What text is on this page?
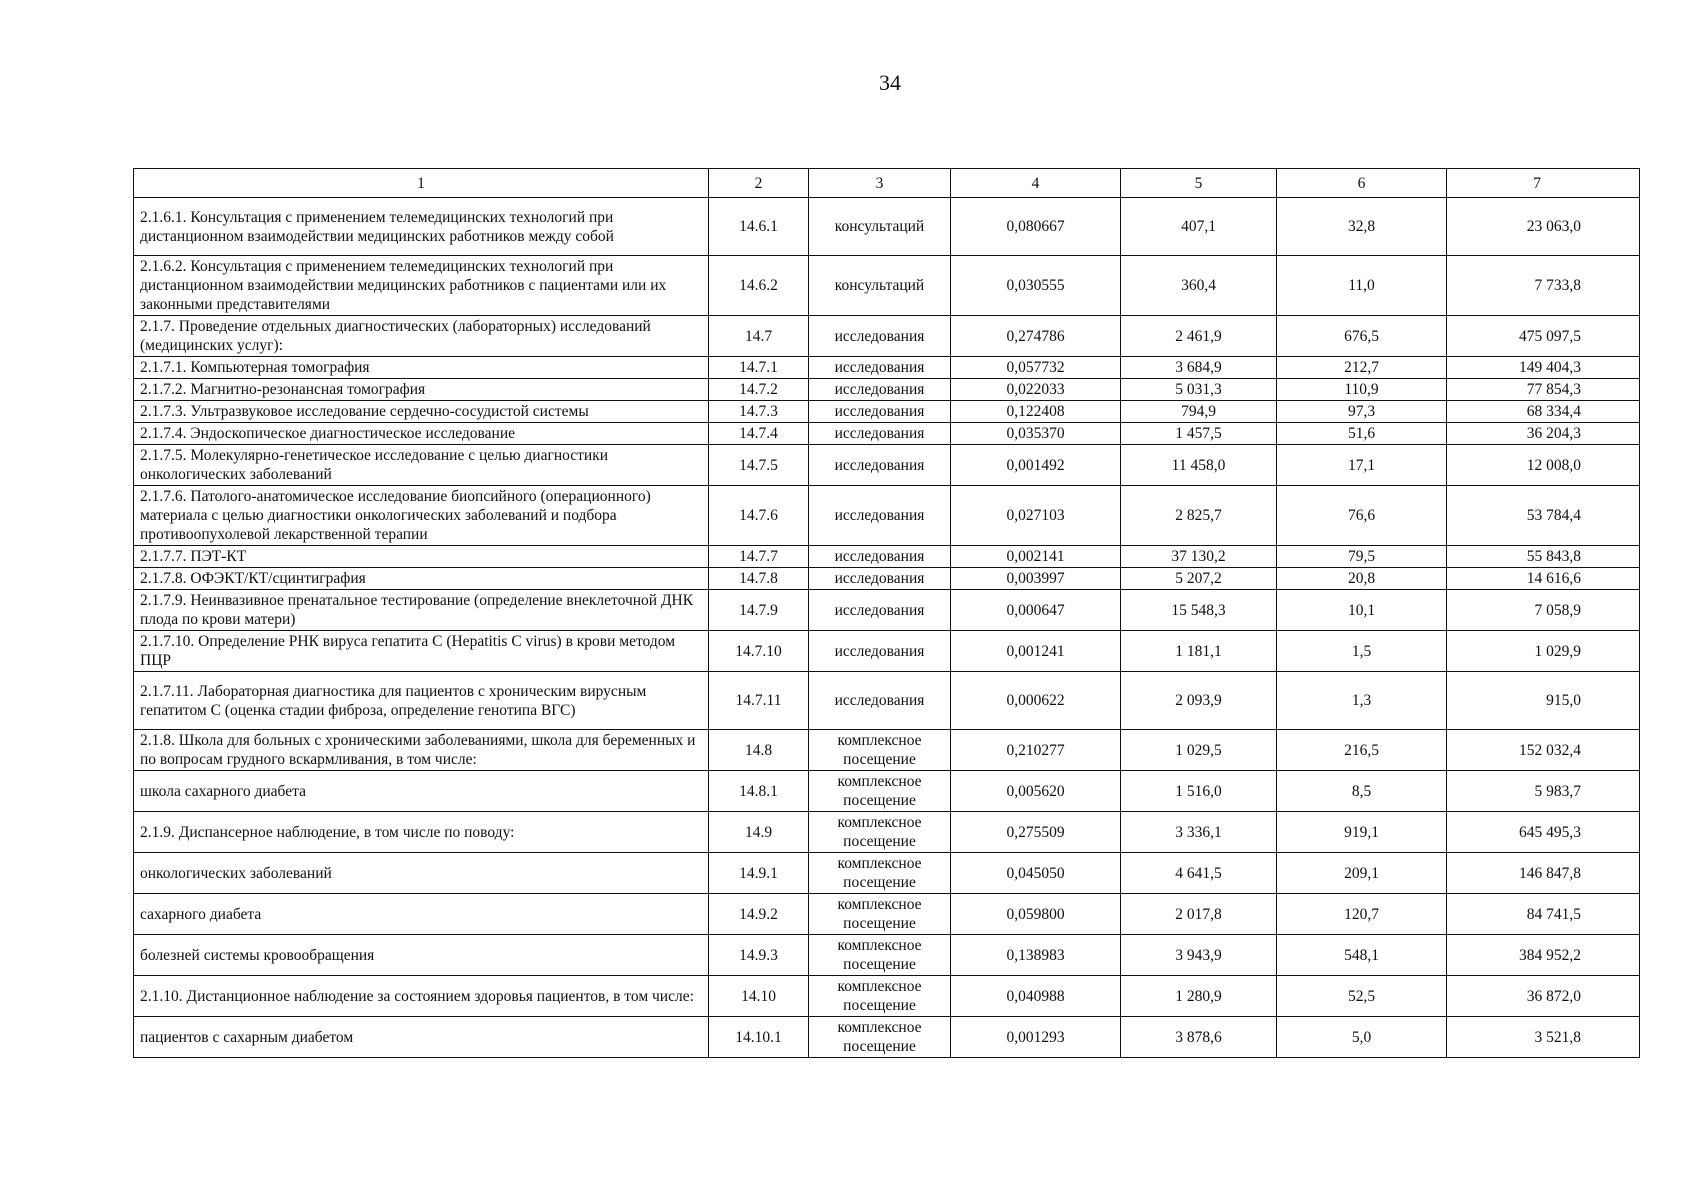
34
1	2	3	4	5	6	7
2.1.6.1. Консультация с применением телемедицинских технологий при дистанционном взаимодействии медицинских работников между собой	14.6.1	консультаций	0,080667	407,1	32,8	23 063,0
2.1.6.2. Консультация с применением телемедицинских технологий при дистанционном взаимодействии медицинских работников с пациентами или их законными представителями	14.6.2	консультаций	0,030555	360,4	11,0	7 733,8
2.1.7. Проведение отдельных диагностических (лабораторных) исследований (медицинских услуг):	14.7	исследования	0,274786	2 461,9	676,5	475 097,5
2.1.7.1. Компьютерная томография	14.7.1	исследования	0,057732	3 684,9	212,7	149 404,3
2.1.7.2. Магнитно-резонансная томография	14.7.2	исследования	0,022033	5 031,3	110,9	77 854,3
2.1.7.3. Ультразвуковое исследование сердечно-сосудистой системы	14.7.3	исследования	0,122408	794,9	97,3	68 334,4
2.1.7.4. Эндоскопическое диагностическое исследование	14.7.4	исследования	0,035370	1 457,5	51,6	36 204,3
2.1.7.5. Молекулярно-генетическое исследование с целью диагностики онкологических заболеваний	14.7.5	исследования	0,001492	11 458,0	17,1	12 008,0
2.1.7.6. Патолого-анатомическое исследование биопсийного (операционного) материала с целью диагностики онкологических заболеваний и подбора противоопухолевой лекарственной терапии	14.7.6	исследования	0,027103	2 825,7	76,6	53 784,4
2.1.7.7. ПЭТ-КТ	14.7.7	исследования	0,002141	37 130,2	79,5	55 843,8
2.1.7.8. ОФЭКТ/КТ/сцинтиграфия	14.7.8	исследования	0,003997	5 207,2	20,8	14 616,6
2.1.7.9. Неинвазивное пренатальное тестирование (определение внеклеточной ДНК плода по крови матери)	14.7.9	исследования	0,000647	15 548,3	10,1	7 058,9
2.1.7.10. Определение РНК вируса гепатита С (Hepatitis C virus) в крови методом ПЦР	14.7.10	исследования	0,001241	1 181,1	1,5	1 029,9
2.1.7.11. Лабораторная диагностика для пациентов с хроническим вирусным гепатитом С (оценка стадии фиброза, определение генотипа ВГС)	14.7.11	исследования	0,000622	2 093,9	1,3	915,0
2.1.8. Школа для больных с хроническими заболеваниями, школа для беременных и по вопросам грудного вскармливания, в том числе:	14.8	комплексное посещение	0,210277	1 029,5	216,5	152 032,4
школа сахарного диабета	14.8.1	комплексное посещение	0,005620	1 516,0	8,5	5 983,7
2.1.9. Диспансерное наблюдение, в том числе по поводу:	14.9	комплексное посещение	0,275509	3 336,1	919,1	645 495,3
онкологических заболеваний	14.9.1	комплексное посещение	0,045050	4 641,5	209,1	146 847,8
сахарного диабета	14.9.2	комплексное посещение	0,059800	2 017,8	120,7	84 741,5
болезней системы кровообращения	14.9.3	комплексное посещение	0,138983	3 943,9	548,1	384 952,2
2.1.10. Дистанционное наблюдение за состоянием здоровья пациентов, в том числе:	14.10	комплексное посещение	0,040988	1 280,9	52,5	36 872,0
пациентов с сахарным диабетом	14.10.1	комплексное посещение	0,001293	3 878,6	5,0	3 521,8
